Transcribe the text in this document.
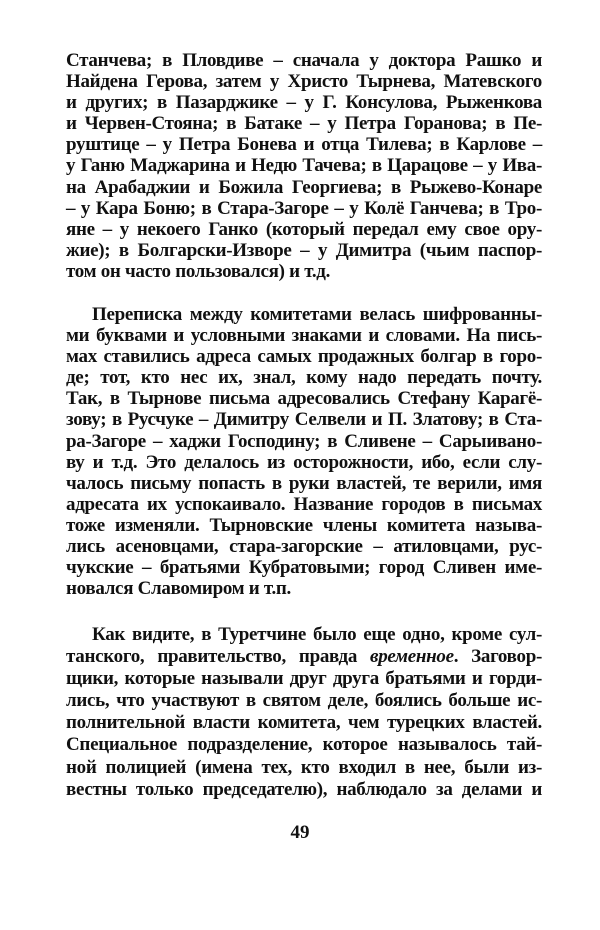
Станчева; в Пловдиве – сначала у доктора Рашко и
Найдена Герова, затем у Христо Тырнева, Матевского
и других; в Пазарджике – у Г. Консулова, Рыженкова
и Червен-Стояна; в Батаке – у Петра Горанова; в Пе-
руштице – у Петра Бонева и отца Тилева; в Карлове –
у Ганю Маджарина и Недю Тачева; в Царацове – у Ива-
на Арабаджии и Божила Георгиева; в Рыжево-Конаре
– у Кара Боню; в Стара-Загоре – у Колё Ганчева; в Тро-
яне – у некоего Ганко (который передал ему свое ору-
жие); в Болгарски-Изворе – у Димитра (чьим паспор-
том он часто пользовался) и т.д.
Переписка между комитетами велась шифрованны-
ми буквами и условными знаками и словами. На пись-
мах ставились адреса самых продажных болгар в горо-
де; тот, кто нес их, знал, кому надо передать почту.
Так, в Тырнове письма адресовались Стефану Карагё-
зову; в Русчуке – Димитру Селвели и П. Златову; в Ста-
ра-Загоре – хаджи Господину; в Сливене – Сарыивано-
ву и т.д. Это делалось из осторожности, ибо, если слу-
чалось письму попасть в руки властей, те верили, имя
адресата их успокаивало. Название городов в письмах
тоже изменяли. Тырновские члены комитета называ-
лись асеновцами, стара-загорские – атиловцами, рус-
чукские – братьями Кубратовыми; город Сливен име-
новался Славомиром и т.п.
Как видите, в Туретчине было еще одно, кроме сул-
танского, правительство, правда временное. Заговор-
щики, которые называли друг друга братьями и горди-
лись, что участвуют в святом деле, боялись больше ис-
полнительной власти комитета, чем турецких властей.
Специальное подразделение, которое называлось тай-
ной полицией (имена тех, кто входил в нее, были из-
вестны только председателю), наблюдало за делами и
49
